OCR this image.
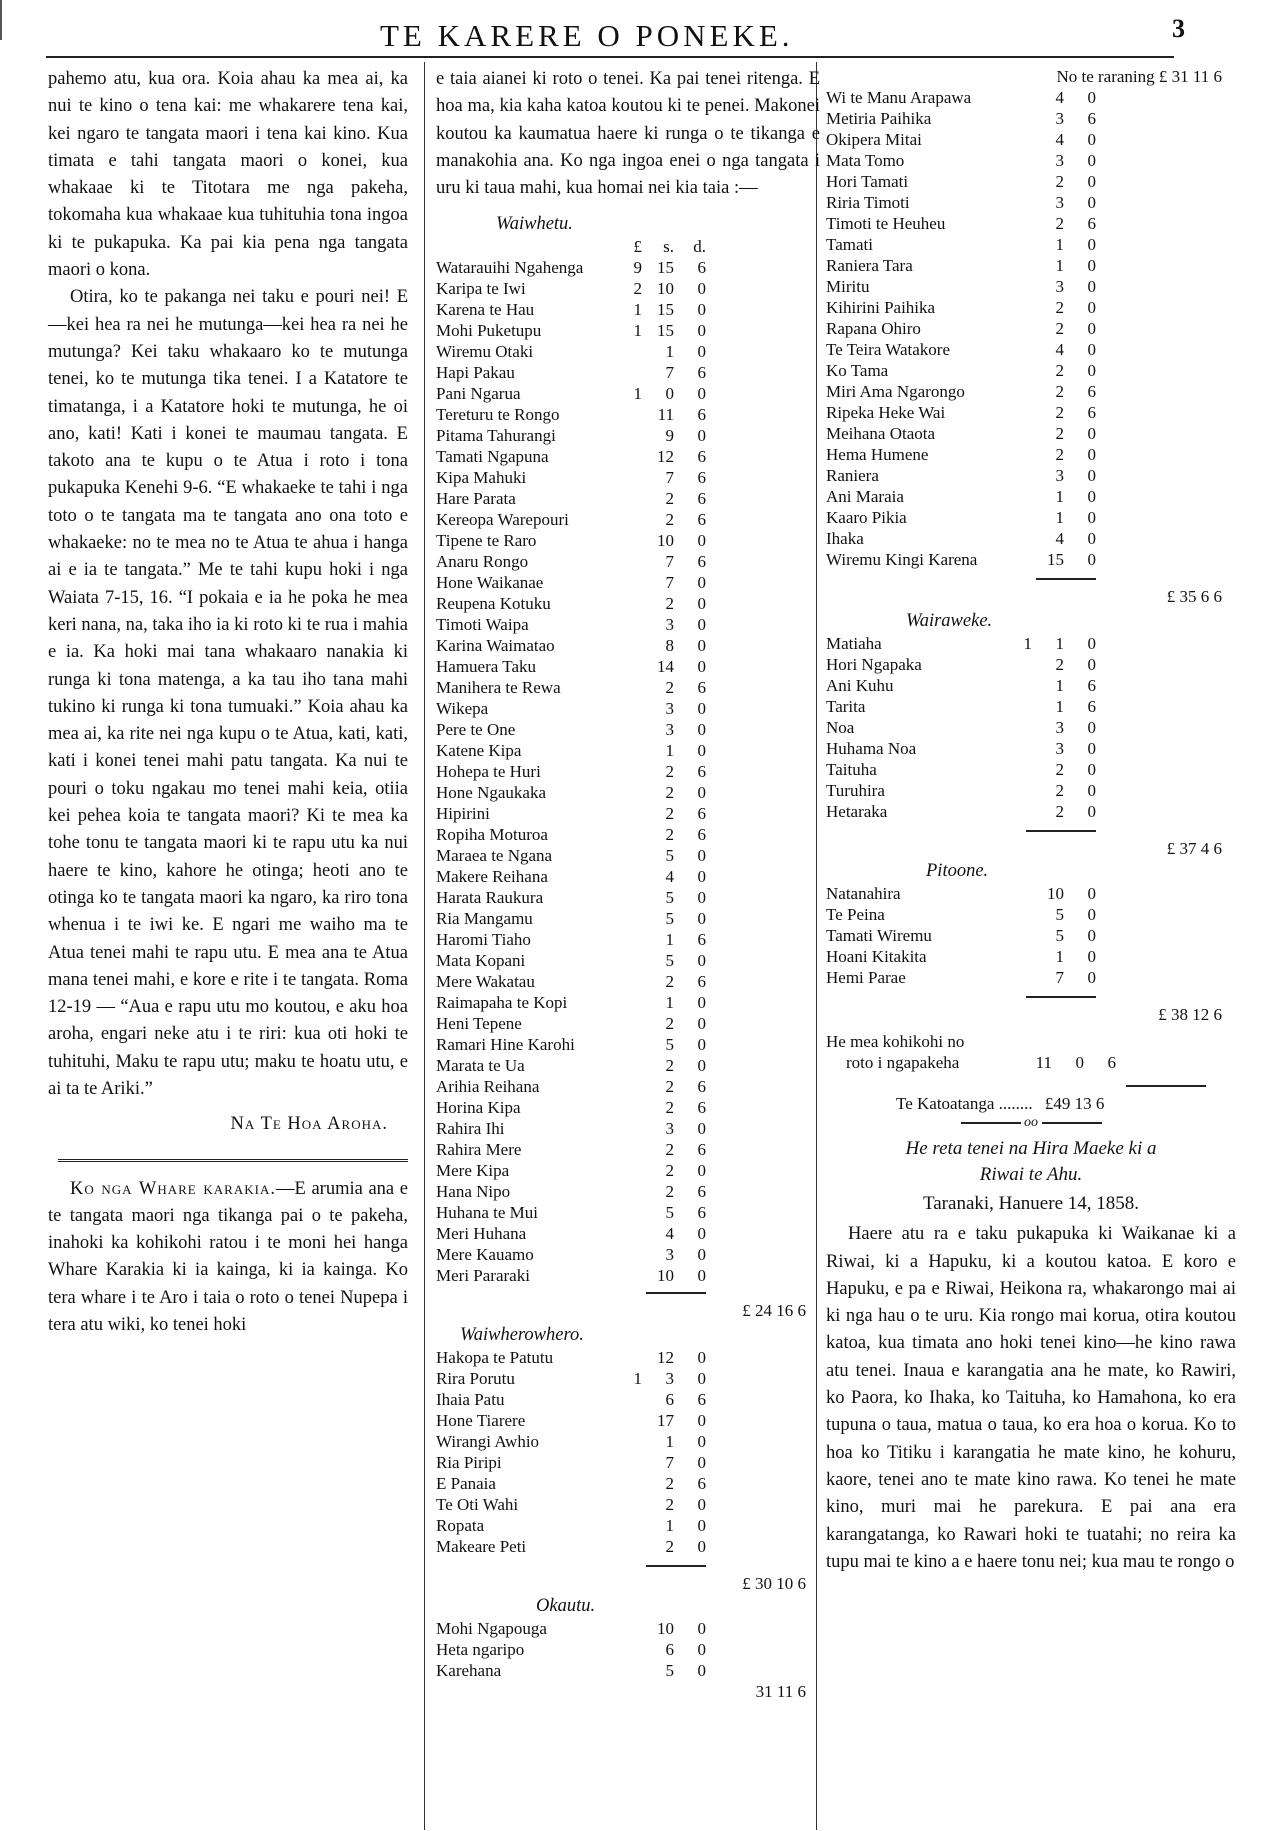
TE KARERE O PONEKE.	3

pahemo atu, kua ora. Koia ahau ka mea ai, ka nui te kino o tena kai: me whakarere tena kai, kei ngaro te tangata maori i tena kai kino. Kua timata e tahi tangata maori o konei, kua whakaae ki te Titotara me nga pakeha, tokomaha kua whakaae kua tuhituhia tona ingoa ki te pukapuka. Ka pai kia pena nga tangata maori o kona.

Otira, ko te pakanga nei taku e pouri nei! E—kei hea ra nei he mutunga—kei hea ra nei he mutunga? Kei taku whakaaro ko te mutunga tenei, ko te mutunga tika tenei. I a Katatore te timatanga, i a Katatore hoki te mutunga, he oi ano, kati! Kati i konei te maumau tangata. E takoto ana te kupu o te Atua i roto i tona pukapuka Kenehi 9-6. “E whakaeke te tahi i nga toto o te tangata ma te tangata ano ona toto e whakaeke: no te mea no te Atua te ahua i hanga ai e ia te tangata.” Me te tahi kupu hoki i nga Waiata 7-15, 16. “I pokaia e ia he poka he mea keri nana, na, taka iho ia ki roto ki te rua i mahia e ia. Ka hoki mai tana whakaaro nanakia ki runga ki tona matenga, a ka tau iho tana mahi tukino ki runga ki tona tumuaki.” Koia ahau ka mea ai, ka rite nei nga kupu o te Atua, kati, kati, kati i konei tenei mahi patu tangata. Ka nui te pouri o toku ngakau mo tenei mahi keia, otiia kei pehea koia te tangata maori? Ki te mea ka tohe tonu te tangata maori ki te rapu utu ka nui haere te kino, kahore he otinga; heoti ano te otinga ko te tangata maori ka ngaro, ka riro tona whenua i te iwi ke. E ngari me waiho ma te Atua tenei mahi te rapu utu. E mea ana te Atua mana tenei mahi, e kore e rite i te tangata. Roma 12-19 — “Aua e rapu utu mo koutou, e aku hoa aroha, engari neke atu i te riri: kua oti hoki te tuhituhi, Maku te rapu utu; maku te hoatu utu, e ai ta te Ariki.”

Na Te Hoa Aroha.

Ko nga Whare karakia.—E arumia ana e te tangata maori nga tikanga pai o te pakeha, inahoki ka kohikohi ratou i te moni hei hanga Whare Karakia ki ia kainga, ki ia kainga. Ko tera whare i te Aro i taia o roto o tenei Nupepa i tera atu wiki, ko tenei hoki

e taia aianei ki roto o tenei. Ka pai tenei ritenga. E hoa ma, kia kaha katoa koutou ki te penei. Makonei koutou ka kaumatua haere ki runga o te tikanga e manakohia ana. Ko nga ingoa enei o nga tangata i uru ki taua mahi, kua homai nei kia taia :—

Waiwhetu.
	£	s.	d.
Watarauihi Ngahenga	9	15	6
Karipa te Iwi	2	10	0
Karena te Hau	1	15	0
Mohi Puketupu	1	15	0
Wiremu Otaki		1	0
Hapi Pakau		7	6
Pani Ngarua	1	0	0
Tereturu te Rongo		11	6
Pitama Tahurangi		9	0
Tamati Ngapuna		12	6
Kipa Mahuki		7	6
Hare Parata		2	6
Kereopa Warepouri		2	6
Tipene te Raro		10	0
Anaru Rongo		7	6
Hone Waikanae		7	0
Reupena Kotuku		2	0
Timoti Waipa		3	0
Karina Waimatao		8	0
Hamuera Taku		14	0
Manihera te Rewa		2	6
Wikepa		3	0
Pere te One		3	0
Katene Kipa		1	0
Hohepa te Huri		2	6
Hone Ngaukaka		2	0
Hipirini		2	6
Ropiha Moturoa		2	6
Maraea te Ngana		5	0
Makere Reihana		4	0
Harata Raukura		5	0
Ria Mangamu		5	0
Haromi Tiaho		1	6
Mata Kopani		5	0
Mere Wakatau		2	6
Raimapaha te Kopi		1	0
Heni Tepene		2	0
Ramari Hine Karohi		5	0
Marata te Ua		2	0
Arihia Reihana		2	6
Horina Kipa		2	6
Rahira Ihi		3	0
Rahira Mere		2	6
Mere Kipa		2	0
Hana Nipo		2	6
Huhana te Mui		5	6
Meri Huhana		4	0
Mere Kauamo		3	0
Meri Pararaki		10	0
£ 24 16 6
Waiwherowhero.
Hakopa te Patutu		12	0
Rira Porutu	1	3	0
Ihaia Patu		6	6
Hone Tiarere		17	0
Wirangi Awhio		1	0
Ria Piripi		7	0
E Panaia		2	6
Te Oti Wahi		2	0
Ropata		1	0
Makeare Peti		2	0
£ 30 10 6
Okautu.
Mohi Ngapouga		10	0
Heta ngaripo		6	0
Karehana		5	0
31 11 6
No te raraning £ 31 11 6
Wi te Manu Arapawa		4	0
Metiria Paihika		3	6
Okipera Mitai		4	0
Mata Tomo		3	0
Hori Tamati		2	0
Riria Timoti		3	0
Timoti te Heuheu		2	6
Tamati		1	0
Raniera Tara		1	0
Miritu		3	0
Kihirini Paihika		2	0
Rapana Ohiro		2	0
Te Teira Watakore		4	0
Ko Tama		2	0
Miri Ama Ngarongo		2	6
Ripeka Heke Wai		2	6
Meihana Otaota		2	0
Hema Humene		2	0
Raniera		3	0
Ani Maraia		1	0
Kaaro Pikia		1	0
Ihaka		4	0
Wiremu Kingi Karena		15	0
£ 35 6 6
Wairaweke.
Matiaha	1	1	0
Hori Ngapaka		2	0
Ani Kuhu		1	6
Tarita		1	6
Noa		3	0
Huhama Noa		3	0
Taituha		2	0
Turuhira		2	0
Hetaraka		2	0
£ 37 4 6
Pitoone.
Natanahira		10	0
Te Peina		5	0
Tamati Wiremu		5	0
Hoani Kitakita		1	0
Hemi Parae		7	0
£ 38 12 6
He mea kohikohi no
roto i ngapakeha	11	0	6
Te Katoatanga ........ £49 13 6
oo
He reta tenei na Hira Maeke ki a
Riwai te Ahu.
Taranaki, Hanuere 14, 1858.

Haere atu ra e taku pukapuka ki Waikanae ki a Riwai, ki a Hapuku, ki a koutou katoa. E koro e Hapuku, e pa e Riwai, Heikona ra, whakarongo mai ai ki nga hau o te uru. Kia rongo mai korua, otira koutou katoa, kua timata ano hoki tenei kino—he kino rawa atu tenei. Inaua e karangatia ana he mate, ko Rawiri, ko Paora, ko Ihaka, ko Taituha, ko Hamahona, ko era tupuna o taua, matua o taua, ko era hoa o korua. Ko to hoa ko Titiku i karangatia he mate kino, he kohuru, kaore, tenei ano te mate kino rawa. Ko tenei he mate kino, muri mai he parekura. E pai ana era karangatanga, ko Rawari hoki te tuatahi; no reira ka tupu mai te kino a e haere tonu nei; kua mau te rongo o
